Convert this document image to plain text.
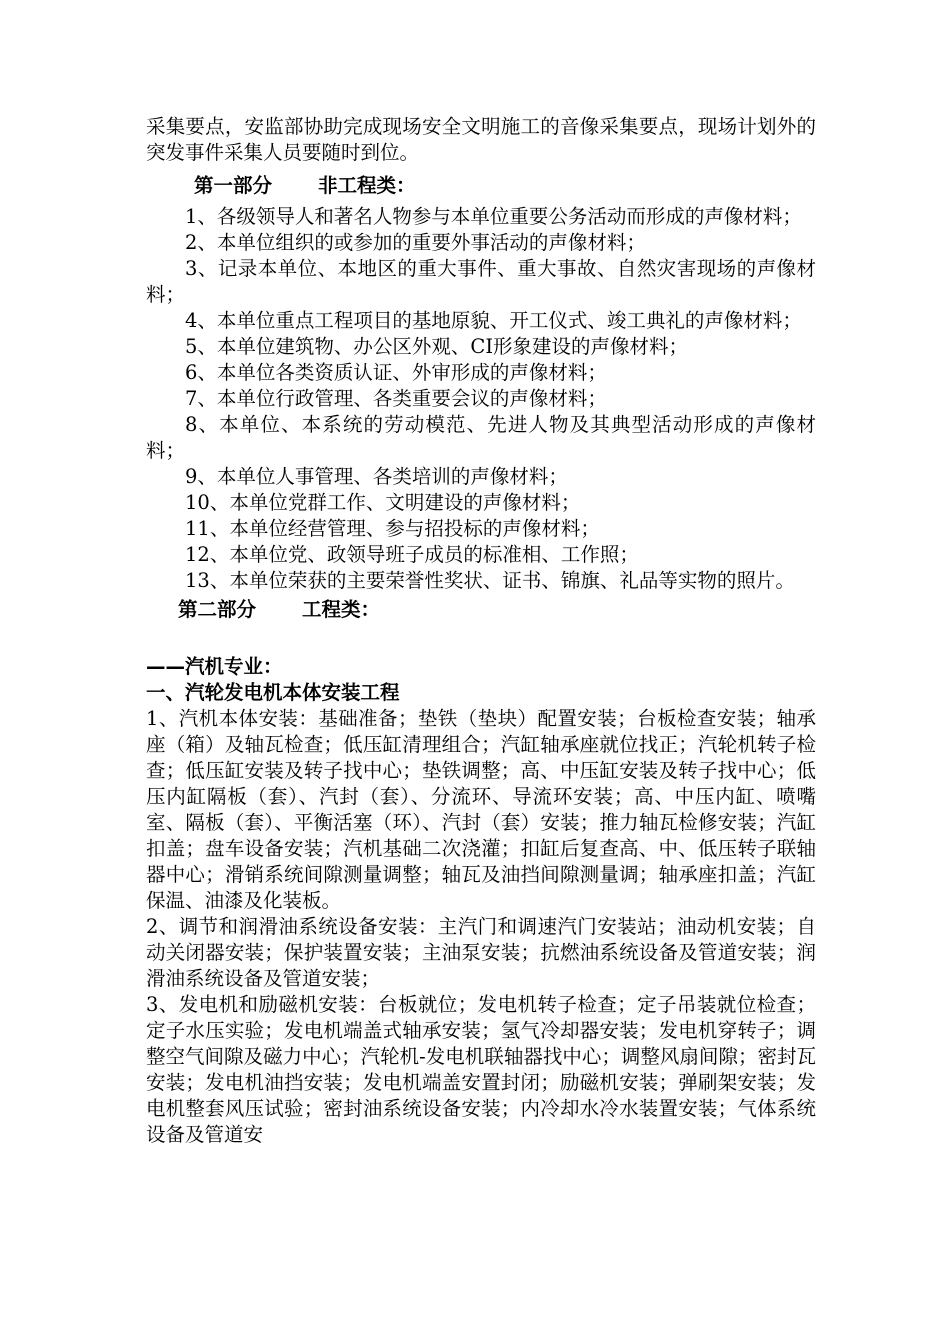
采集要点，安监部协助完成现场安全文明施工的音像采集要点，现场计划外的突发事件采集人员要随时到位。

第一部分 非工程类：

1、各级领导人和著名人物参与本单位重要公务活动而形成的声像材料；

2、本单位组织的或参加的重要外事活动的声像材料；

3、记录本单位、本地区的重大事件、重大事故、自然灾害现场的声像材料；

4、本单位重点工程项目的基地原貌、开工仪式、竣工典礼的声像材料；

5、本单位建筑物、办公区外观、CI形象建设的声像材料；

6、本单位各类资质认证、外审形成的声像材料；

7、本单位行政管理、各类重要会议的声像材料；

8、本单位、本系统的劳动模范、先进人物及其典型活动形成的声像材料；

9、本单位人事管理、各类培训的声像材料；

10、本单位党群工作、文明建设的声像材料；

11、本单位经营管理、参与招投标的声像材料；

12、本单位党、政领导班子成员的标准相、工作照；

13、本单位荣获的主要荣誉性奖状、证书、锦旗、礼品等实物的照片。

第二部分 工程类：

——汽机专业：

一、汽轮发电机本体安装工程

1、汽机本体安装：基础准备；垫铁（垫块）配置安装；台板检查安装；轴承座（箱）及轴瓦检查；低压缸清理组合；汽缸轴承座就位找正；汽轮机转子检查；低压缸安装及转子找中心；垫铁调整；高、中压缸安装及转子找中心；低压内缸隔板（套）、汽封（套）、分流环、导流环安装；高、中压内缸、喷嘴室、隔板（套）、平衡活塞（环）、汽封（套）安装；推力轴瓦检修安装；汽缸扣盖；盘车设备安装；汽机基础二次浇灌；扣缸后复查高、中、低压转子联轴器中心；滑销系统间隙测量调整；轴瓦及油挡间隙测量调；轴承座扣盖；汽缸保温、油漆及化装板。

2、调节和润滑油系统设备安装：主汽门和调速汽门安装站；油动机安装；自动关闭器安装；保护装置安装；主油泵安装；抗燃油系统设备及管道安装；润滑油系统设备及管道安装；

3、发电机和励磁机安装：台板就位；发电机转子检查；定子吊装就位检查；定子水压实验；发电机端盖式轴承安装；氢气冷却器安装；发电机穿转子；调整空气间隙及磁力中心；汽轮机-发电机联轴器找中心；调整风扇间隙；密封瓦安装；发电机油挡安装；发电机端盖安置封闭；励磁机安装；弹刷架安装；发电机整套风压试验；密封油系统设备安装；内冷却水冷水装置安装；气体系统设备及管道安
